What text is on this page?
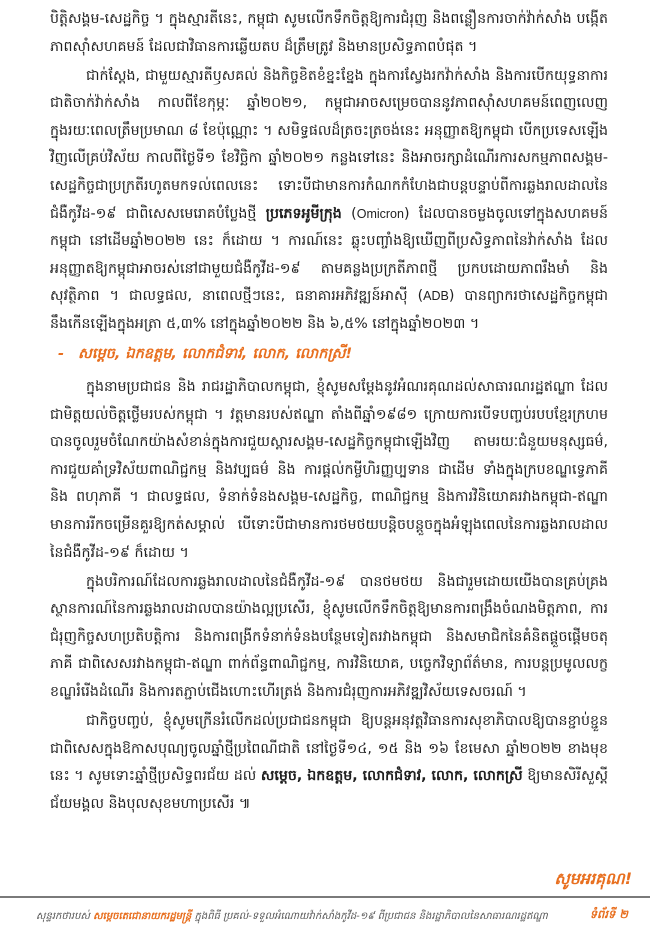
បិតិ្តសង្គម-សេដ្ឋកិច្ច ។ ក្នុងស្មារតីនេះ, កម្ពុជា សូមលើកទឹកចិត្តឱ្យការជំរុញ និងពន្លឿនការចាក់វ៉ាក់សាំង បង្កើតភាពស៊ាំសហគមន៍ ដែលជាវិធានការឆ្លើយតប ដ៏ត្រឹមត្រូវ និងមានប្រសិទ្ធភាពបំផុត ។
ជាក់ស្តែង, ជាមួយស្មារតីឫសគល់ និងកិច្ចខិតខំខ្នះខ្នែង ក្នុងការស្វែងរកវ៉ាក់សាំង និងការបើកយុទ្ធនាការជាតិចាក់វ៉ាក់សាំង កាលពីខែកុម្ភៈ ឆ្នាំ២០២១, កម្ពុជាអាចសម្រេចបាននូវភាពស៊ាំសហគមន៍ពេញលេញ ក្នុងរយៈពេលត្រឹមប្រមាណ ៨ ខែប៉ុណ្ណោះ ។ សមិទ្ធផលដ៏ត្រចះត្រចង់នេះ អនុញ្ញាតឱ្យកម្ពុជា បើកប្រទេសឡើងវិញលើគ្រប់វិស័យ កាលពីថ្ងៃទី១ ខែវិច្ឆិកា ឆ្នាំ២០២១ កន្លងទៅនេះ និងអាចរក្សាដំណើរការសកម្មភាពសង្គម-សេដ្ឋកិច្ចជាប្រក្រតីរហូតមកទល់ពេលនេះ ទោះបីជាមានការកំណកកំហែងជាបន្តបន្ទាប់ពីការឆ្លងរាលដាលនៃជំងឺកូវីដ-១៩ ជាពិសេសមេរោគបំប្លែងថ្មី ប្រភេទអូមីក្រុង (Omicron) ដែលបានចម្លងចូលទៅក្នុងសហគមន៍កម្ពុជា នៅដើមឆ្នាំ២០២២ នេះ ក៏ដោយ ។ ការណ៍នេះ ឆ្លុះបញ្ចាំងឱ្យឃើញពីប្រសិទ្ធភាពនៃវ៉ាក់សាំង ដែលអនុញ្ញាតឱ្យកម្ពុជាអាចរស់នៅជាមួយជំងឺកូវីដ-១៩ តាមគន្លងប្រក្រតីភាពថ្មី ប្រកបដោយភាពរឹងមាំ និងសុវត្ថិភាព ។ ជាលទ្ធផល, នាពេលថ្មីៗនេះ, ធនាគារអភិវឌ្ឍន៍អាស៊ី (ADB) បានព្យាករថាសេដ្ឋកិច្ចកម្ពុជា នឹងកើនឡើងក្នុងអត្រា ៥,៣% នៅក្នុងឆ្នាំ២០២២ និង ៦,៥% នៅក្នុងឆ្នាំ២០២៣ ។
- សម្តេច, ឯកឧត្តម, លោកជំទាវ, លោក, លោកស្រី!
ក្នុងនាមប្រជាជន និង រាជរដ្ឋាភិបាលកម្ពុជា, ខ្ញុំសូមសម្តែងនូវអំណរគុណដល់សាធារណរដ្ឋឥណ្ឌា ដែលជាមិត្តយល់ចិត្តថ្លើមរបស់កម្ពុជា ។ វត្តមានរបស់ឥណ្ឌា តាំងពីឆ្នាំ១៩៨១ ក្រោយការបើទបញ្ចប់របបខ្មែរក្រហម បានចូលរួមចំណែកយ៉ាងសំខាន់ក្នុងការជួយស្តារសង្គម-សេដ្ឋកិច្ចកម្ពុជាឡើងវិញ តាមរយៈជំនួយមនុស្សធម៌, ការជួយគាំទ្រវិស័យពាណិជ្ជកម្ម និងវប្បធម៌ និង ការផ្តល់កម្ចីហិរញ្ញប្បទាន ជាដើម ទាំងក្នុងក្របខណ្ឌទ្វេភាគី និង ពហុភាគី ។ ជាលទ្ធផល, ទំនាក់ទំនងសង្គម-សេដ្ឋកិច្ច, ពាណិជ្ជកម្ម និងការវិនិយោគរវាងកម្ពុជា-ឥណ្ឌា មានការរីកចម្រើនគួរឱ្យកត់សម្គាល់ បើទោះបីជាមានការថមថយបន្តិចបន្តួចក្នុងអំឡុងពេលនៃការឆ្លងរាលដាលនៃជំងឺកូវីដ-១៩ ក៏ដោយ ។
ក្នុងបរិការណ៍ដែលការឆ្លងរាលដាលនៃជំងឺកូវីដ-១៩ បានថមថយ និងជារួមដោយយើងបានគ្រប់គ្រងស្ថានការណ៍នៃការឆ្លងរាលដាលបានយ៉ាងល្អប្រសើរ, ខ្ញុំសូមលើកទឹកចិត្តឱ្យមានការពង្រឹងចំណងមិត្តភាព, ការជំរុញកិច្ចសហប្រតិបត្តិការ និងការពង្រីកទំនាក់ទំនងបន្ថែមទៀតរវាងកម្ពុជា និងសមាជិកនៃគំនិតផ្តួចផ្តើមចតុភាគី ជាពិសេសរវាងកម្ពុជា-ឥណ្ឌា ពាក់ព័ន្ធពាណិជ្ជកម្ម, ការវិនិយោគ, បច្ចេកវិទ្យាព័ត៌មាន, ការបន្តប្រមូលលក្ខខណ្ឌរំរើងដំណើរ និងការតភ្ជាប់ជើងហោះហើរត្រង់ និងការជំរុញការអភិវឌ្ឍវិស័យទេសចរណ៍ ។
ជាកិច្ចបញ្ចប់, ខ្ញុំសូមក្រើនរំលើកដល់ប្រជាជនកម្ពុជា ឱ្យបន្តអនុវត្តវិធានការសុខាភិបាលឱ្យបានខ្ជាប់ខ្ជួន ជាពិសេសក្នុងឱកាសបុណ្យចូលឆ្នាំថ្មីប្រពៃណីជាតិ នៅថ្ងៃទី១៤, ១៥ និង ១៦ ខែមេសា ឆ្នាំ២០២២ ខាងមុខនេះ ។ សូមទោះឆ្នាំថ្មីប្រសិទ្ធពរជ័យ ដល់ សម្តេច, ឯកឧត្តម, លោកជំទាវ, លោក, លោកស្រី ឱ្យមានសិរីសួស្តី ជ័យមង្គល និងបុលសុខមហាប្រសើរ ៕
សូមអរគុណ!
សុន្ទរកថារបស់ សម្តេចតេជោនាយករដ្ឋមន្ត្រី ក្នុងពិធី ប្រគល់-ទទួលអំណោយវ៉ាក់សាំងកូវីដ-១៩ ពីប្រជាជន និងរដ្ឋាភិបាលនៃសាធារណរដ្ឋឥណ្ឌា	ទំព័រទី ២
